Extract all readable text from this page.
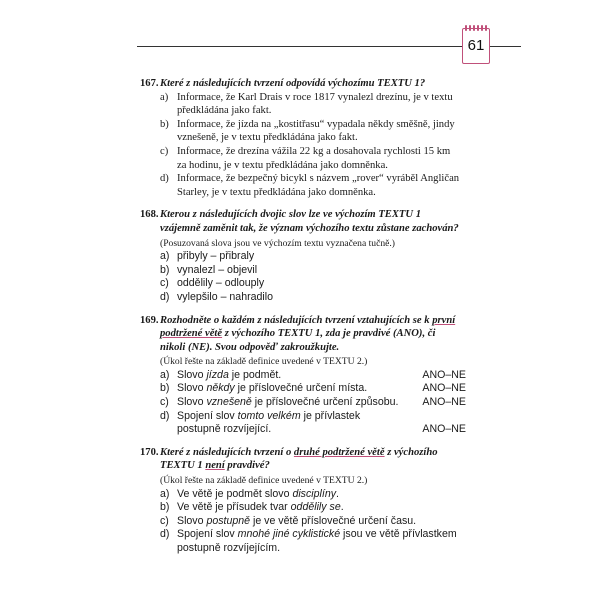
61
167. Které z následujících tvrzení odpovídá výchozímu TEXTU 1?
a) Informace, že Karl Drais v roce 1817 vynalezl drezínu, je v textu předkládána jako fakt.
b) Informace, že jízda na „kostitřasu“ vypadala někdy směšně, jindy vznešeně, je v textu předkládána jako fakt.
c) Informace, že drezína vážila 22 kg a dosahovala rychlosti 15 km za hodinu, je v textu předkládána jako domněnka.
d) Informace, že bezpečný bicykl s názvem „rover“ vyráběl Angličan Starley, je v textu předkládána jako domněnka.
168. Kterou z následujících dvojic slov lze ve výchozím TEXTU 1 vzájemně zaměnit tak, že význam výchozího textu zůstane zachován?
(Posuzovaná slova jsou ve výchozím textu vyznačena tučně.)
a) přibyly – přibraly
b) vynalezl – objevil
c) oddělily – odlouply
d) vylepšilo – nahradilo
169. Rozhodněte o každém z následujících tvrzení vztahujících se k první podtržené větě z výchozího TEXTU 1, zda je pravdivé (ANO), či nikoli (NE). Svou odpověď zakroužkujte.
(Úkol řešte na základě definice uvedené v TEXTU 2.)
a) Slovo jízda je podmět.	ANO–NE
b) Slovo někdy je příslovečné určení místa.	ANO–NE
c) Slovo vznešeně je příslovečné určení způsobu. ANO–NE
d) Spojení slov tomto velkém je přívlastek postupně rozvíjející.	ANO–NE
170. Které z následujících tvrzení o druhé podtržené větě z výchozího TEXTU 1 není pravdivé?
(Úkol řešte na základě definice uvedené v TEXTU 2.)
a) Ve větě je podmět slovo disciplíny.
b) Ve větě je přísudek tvar oddělily se.
c) Slovo postupně je ve větě příslovečné určení času.
d) Spojení slov mnohé jiné cyklistické jsou ve větě přívlastkem postupně rozvíjejícím.
